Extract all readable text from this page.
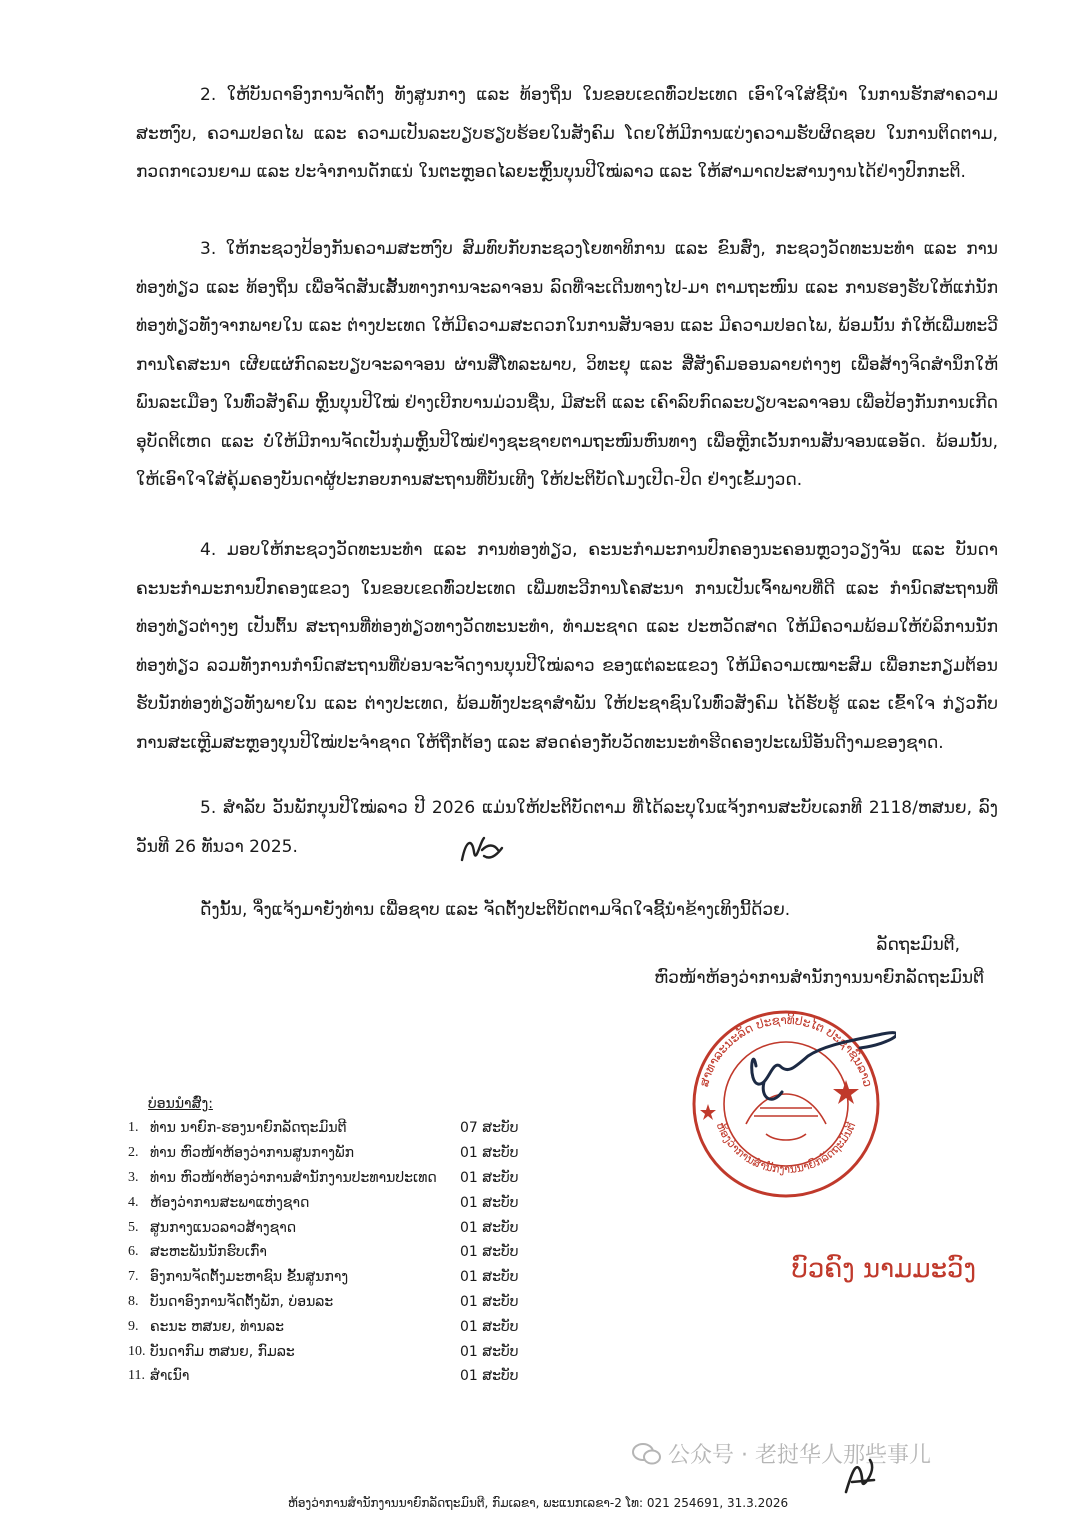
2. ໃຫ້ບັນດາອົງການຈັດຕັ້ງ ທັງສູນກາງ ແລະ ທ້ອງຖິ່ນ ໃນຂອບເຂດທົ່ວປະເທດ ເອົາໃຈໃສ່ຊີ້ນຳ ໃນການຮັກສາຄວາມສະຫງົບ, ຄວາມປອດໄພ ແລະ ຄວາມເປັນລະບຽບຮຽບຮ້ອຍໃນສັງຄົມ ໂດຍໃຫ້ມີການແບ່ງຄວາມຮັບຜິດຊອບ ໃນການຕິດຕາມ, ກວດກາເວນຍາມ ແລະ ປະຈຳການດັກແນ່ ໃນຕະຫຼອດໄລຍະຫຼິ້ນບຸນປີໃໝ່ລາວ ແລະ ໃຫ້ສາມາດປະສານງານໄດ້ຢ່າງປົກກະຕິ.

3. ໃຫ້ກະຊວງປ້ອງກັນຄວາມສະຫງົບ ສົມທົບກັບກະຊວງໂຍທາທິການ ແລະ ຂົນສົ່ງ, ກະຊວງວັດທະນະທຳ ແລະ ການທ່ອງທ່ຽວ ແລະ ທ້ອງຖິ່ນ ເພື່ອຈັດສັນເສັ້ນທາງການຈະລາຈອນ ລົດທີ່ຈະເດີນທາງໄປ-ມາ ຕາມຖະໜົນ ແລະ ການຮອງຮັບໃຫ້ແກ່ນັກທ່ອງທ່ຽວທັງຈາກພາຍໃນ ແລະ ຕ່າງປະເທດ ໃຫ້ມີຄວາມສະດວກໃນການສັນຈອນ ແລະ ມີຄວາມປອດໄພ, ພ້ອມນັ້ນ ກໍໃຫ້ເພີ່ມທະວີການໂຄສະນາ ເຜີຍແຜ່ກົດລະບຽບຈະລາຈອນ ຜ່ານສື່ໂທລະພາບ, ວິທະຍຸ ແລະ ສື່ສັງຄົມອອນລາຍຕ່າງໆ ເພື່ອສ້າງຈິດສຳນຶກໃຫ້ພົນລະເມືອງ ໃນທົ່ວສັງຄົມ ຫຼິ້ນບຸນປີໃໝ່ ຢ່າງເບີກບານມ່ວນຊື່ນ, ມີສະຕິ ແລະ ເຄົາລົບກົດລະບຽບຈະລາຈອນ ເພື່ອປ້ອງກັນການເກີດອຸບັດຕິເຫດ ແລະ ບໍ່ໃຫ້ມີການຈັດເປັນກຸ່ມຫຼິ້ນປີໃໝ່ຢ່າງຊະຊາຍຕາມຖະໜົນຫົນທາງ ເພື່ອຫຼີກເວັ້ນການສັນຈອນແອອັດ. ພ້ອມນັ້ນ, ໃຫ້ເອົາໃຈໃສ່ຄຸ້ມຄອງບັນດາຜູ້ປະກອບການສະຖານທີ່ບັນເທີງ ໃຫ້ປະຕິບັດໂມງເປີດ-ປິດ ຢ່າງເຂັ້ມງວດ.

4. ມອບໃຫ້ກະຊວງວັດທະນະທຳ ແລະ ການທ່ອງທ່ຽວ, ຄະນະກຳມະການປົກຄອງນະຄອນຫຼວງວຽງຈັນ ແລະ ບັນດາຄະນະກຳມະການປົກຄອງແຂວງ ໃນຂອບເຂດທົ່ວປະເທດ ເພີ່ມທະວີການໂຄສະນາ ການເປັນເຈົ້າພາບທີ່ດີ ແລະ ກຳນົດສະຖານທີ່ທ່ອງທ່ຽວຕ່າງໆ ເປັນຕົ້ນ ສະຖານທີ່ທ່ອງທ່ຽວທາງວັດທະນະທຳ, ທຳມະຊາດ ແລະ ປະຫວັດສາດ ໃຫ້ມີຄວາມພ້ອມໃຫ້ບໍລິການນັກທ່ອງທ່ຽວ ລວມທັງການກຳນົດສະຖານທີ່ບ່ອນຈະຈັດງານບຸນປີໃໝ່ລາວ ຂອງແຕ່ລະແຂວງ ໃຫ້ມີຄວາມເໝາະສົມ ເພື່ອກະກຽມຕ້ອນຮັບນັກທ່ອງທ່ຽວທັງພາຍໃນ ແລະ ຕ່າງປະເທດ, ພ້ອມທັງປະຊາສຳພັນ ໃຫ້ປະຊາຊົນໃນທົ່ວສັງຄົມ ໄດ້ຮັບຮູ້ ແລະ ເຂົ້າໃຈ ກ່ຽວກັບການສະເຫຼີມສະຫຼອງບຸນປີໃໝ່ປະຈຳຊາດ ໃຫ້ຖືກຕ້ອງ ແລະ ສອດຄ່ອງກັບວັດທະນະທຳຮີດຄອງປະເພນີອັນດີງາມຂອງຊາດ.

5. ສຳລັບ ວັນພັກບຸນປີໃໝ່ລາວ ປີ 2026 ແມ່ນໃຫ້ປະຕິບັດຕາມ ທີ່ໄດ້ລະບຸໃນແຈ້ງການສະບັບເລກທີ 2118/ຫສນຍ, ລົງວັນທີ 26 ທັນວາ 2025.

ດັ່ງນັ້ນ, ຈຶ່ງແຈ້ງມາຍັງທ່ານ ເພື່ອຊາບ ແລະ ຈັດຕັ້ງປະຕິບັດຕາມຈິດໃຈຊີ້ນຳຂ້າງເທິງນີ້ດ້ວຍ.

ລັດຖະມົນຕີ,

ຫົວໜ້າຫ້ອງວ່າການສຳນັກງານນາຍົກລັດຖະມົນຕີ

ສາທາລະນະລັດ ປະຊາທິປະໄຕ ປະຊາຊົນລາວ
ຫ້ອງວ່າການສຳນັກງານນາຍົກລັດຖະມົນຕີ

ບົວຄົງ ນາມມະວົງ

ບ່ອນນຳສົ່ງ:
1. ທ່ານ ນາຍົກ-ຮອງນາຍົກລັດຖະມົນຕີ	07 ສະບັບ
2. ທ່ານ ຫົວໜ້າຫ້ອງວ່າການສູນກາງພັກ	01 ສະບັບ
3. ທ່ານ ຫົວໜ້າຫ້ອງວ່າການສຳນັກງານປະທານປະເທດ	01 ສະບັບ
4. ຫ້ອງວ່າການສະພາແຫ່ງຊາດ	01 ສະບັບ
5. ສູນກາງແນວລາວສ້າງຊາດ	01 ສະບັບ
6. ສະຫະພັນນັກຮົບເກົ່າ	01 ສະບັບ
7. ອົງການຈັດຕັ້ງມະຫາຊົນ ຂັ້ນສູນກາງ	01 ສະບັບ
8. ບັນດາອົງການຈັດຕັ້ງພັກ, ບ່ອນລະ	01 ສະບັບ
9. ຄະນະ ຫສນຍ, ທ່ານລະ	01 ສະບັບ
10. ບັນດາກົມ ຫສນຍ, ກົມລະ	01 ສະບັບ
11. ສຳເນົາ	01 ສະບັບ
公众号 · 老挝华人那些事儿
ຫ້ອງວ່າການສຳນັກງານນາຍົກລັດຖະມົນຕີ, ກົມເລຂາ, ພະແນກເລຂາ-2 ໂທ: 021 254691, 31.3.2026
